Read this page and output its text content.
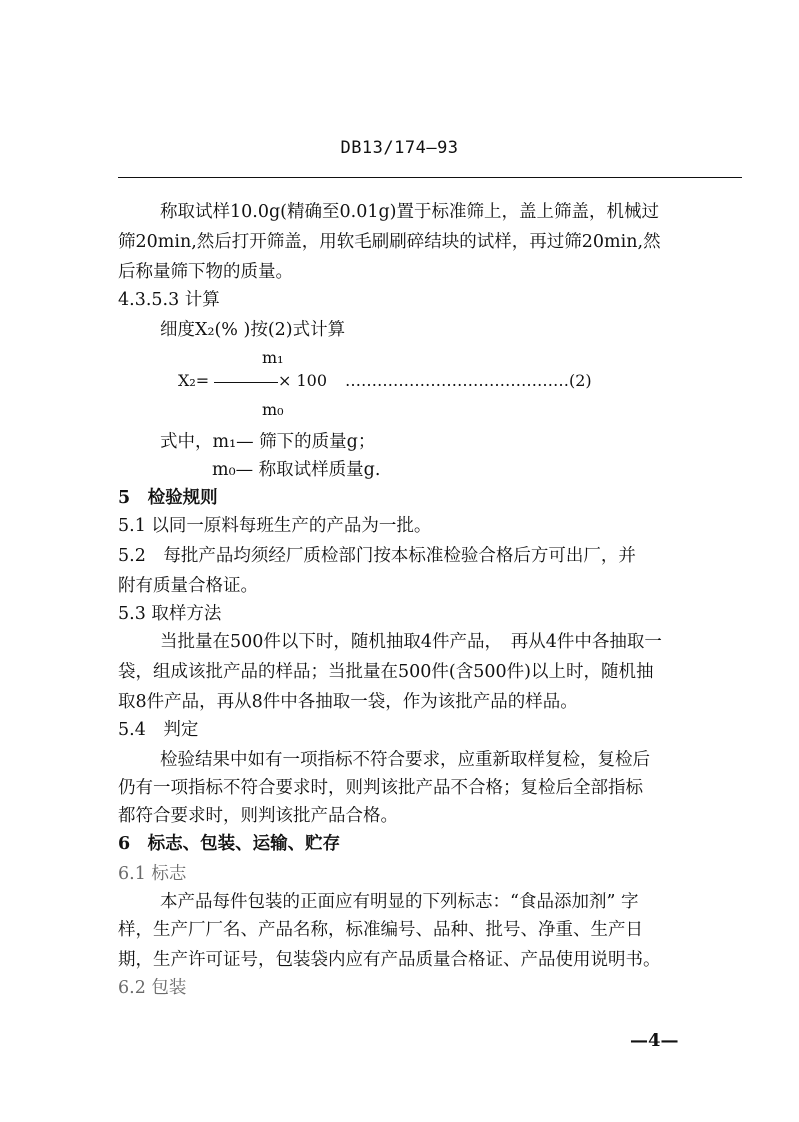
DB13/174—93
称取试样10.0g(精确至0.01g)置于标准筛上，盖上筛盖，机械过
筛20min,然后打开筛盖，用软毛刷刷碎结块的试样，再过筛20min,然
后称量筛下物的质量。
4.3.5.3 计算
细度X₂(% )按(2)式计算
m₁
X₂=	× 100 ……………………………………(2)
m₀
式中，m₁— 筛下的质量g；
m₀— 称取试样质量g.
5　检验规则
5.1 以同一原料每班生产的产品为一批。
5.2　每批产品均须经厂质检部门按本标准检验合格后方可出厂，并
附有质量合格证。
5.3 取样方法
当批量在500件以下时，随机抽取4件产品，　再从4件中各抽取一
袋，组成该批产品的样品；当批量在500件(含500件)以上时，随机抽
取8件产品，再从8件中各抽取一袋，作为该批产品的样品。
5.4　判定
检验结果中如有一项指标不符合要求，应重新取样复检，复检后
仍有一项指标不符合要求时，则判该批产品不合格；复检后全部指标
都符合要求时，则判该批产品合格。
6　标志、包装、运输、贮存
6.1 标志
本产品每件包装的正面应有明显的下列标志：“食品添加剂” 字
样，生产厂厂名、产品名称，标准编号、品种、批号、净重、生产日
期，生产许可证号，包装袋内应有产品质量合格证、产品使用说明书。
6.2 包装
—4—
